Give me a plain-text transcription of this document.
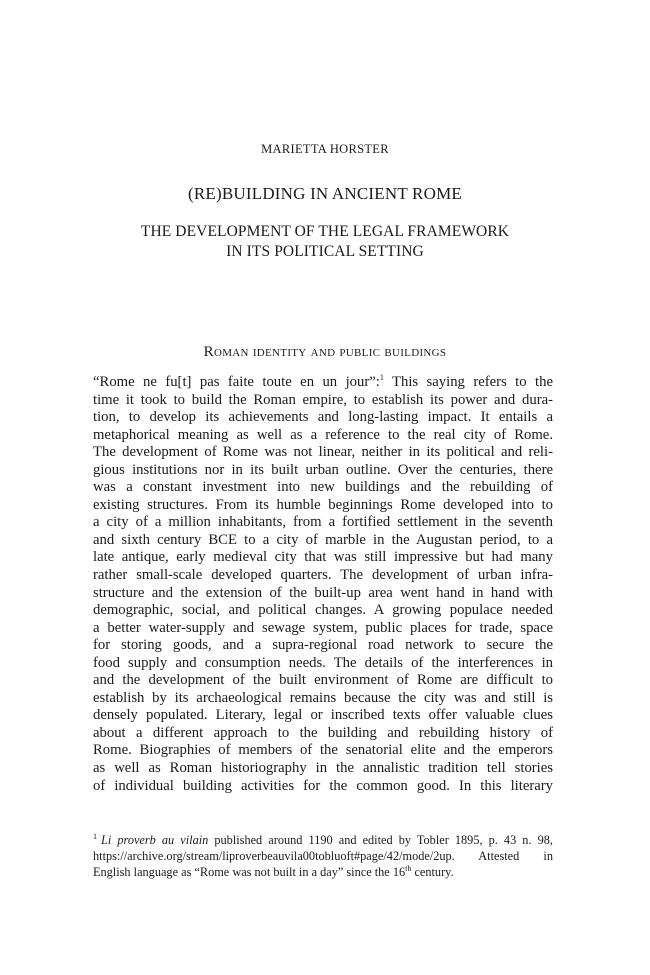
MARIETTA HORSTER
(RE)BUILDING IN ANCIENT ROME
THE DEVELOPMENT OF THE LEGAL FRAMEWORK
IN ITS POLITICAL SETTING
Roman identity and public buildings
“Rome ne fu[t] pas faite toute en un jour”:$^1$ This saying refers to the
time it took to build the Roman empire, to establish its power and dura-
tion, to develop its achievements and long-lasting impact. It entails a
metaphorical meaning as well as a reference to the real city of Rome.
The development of Rome was not linear, neither in its political and reli-
gious institutions nor in its built urban outline. Over the centuries, there
was a constant investment into new buildings and the rebuilding of
existing structures. From its humble beginnings Rome developed into to
a city of a million inhabitants, from a fortified settlement in the seventh
and sixth century BCE to a city of marble in the Augustan period, to a
late antique, early medieval city that was still impressive but had many
rather small-scale developed quarters. The development of urban infra-
structure and the extension of the built-up area went hand in hand with
demographic, social, and political changes. A growing populace needed
a better water-supply and sewage system, public places for trade, space
for storing goods, and a supra-regional road network to secure the
food supply and consumption needs. The details of the interferences in
and the development of the built environment of Rome are difficult to
establish by its archaeological remains because the city was and still is
densely populated. Literary, legal or inscribed texts offer valuable clues
about a different approach to the building and rebuilding history of
Rome. Biographies of members of the senatorial elite and the emperors
as well as Roman historiography in the annalistic tradition tell stories
of individual building activities for the common good. In this literary
$^1$ Li proverb au vilain published around 1190 and edited by Tobler 1895, p. 43 n. 98,
https://archive.org/stream/liproverbeauvila00tobluoft#page/42/mode/2up. Attested in
English language as “Rome was not built in a day” since the 16th century.
